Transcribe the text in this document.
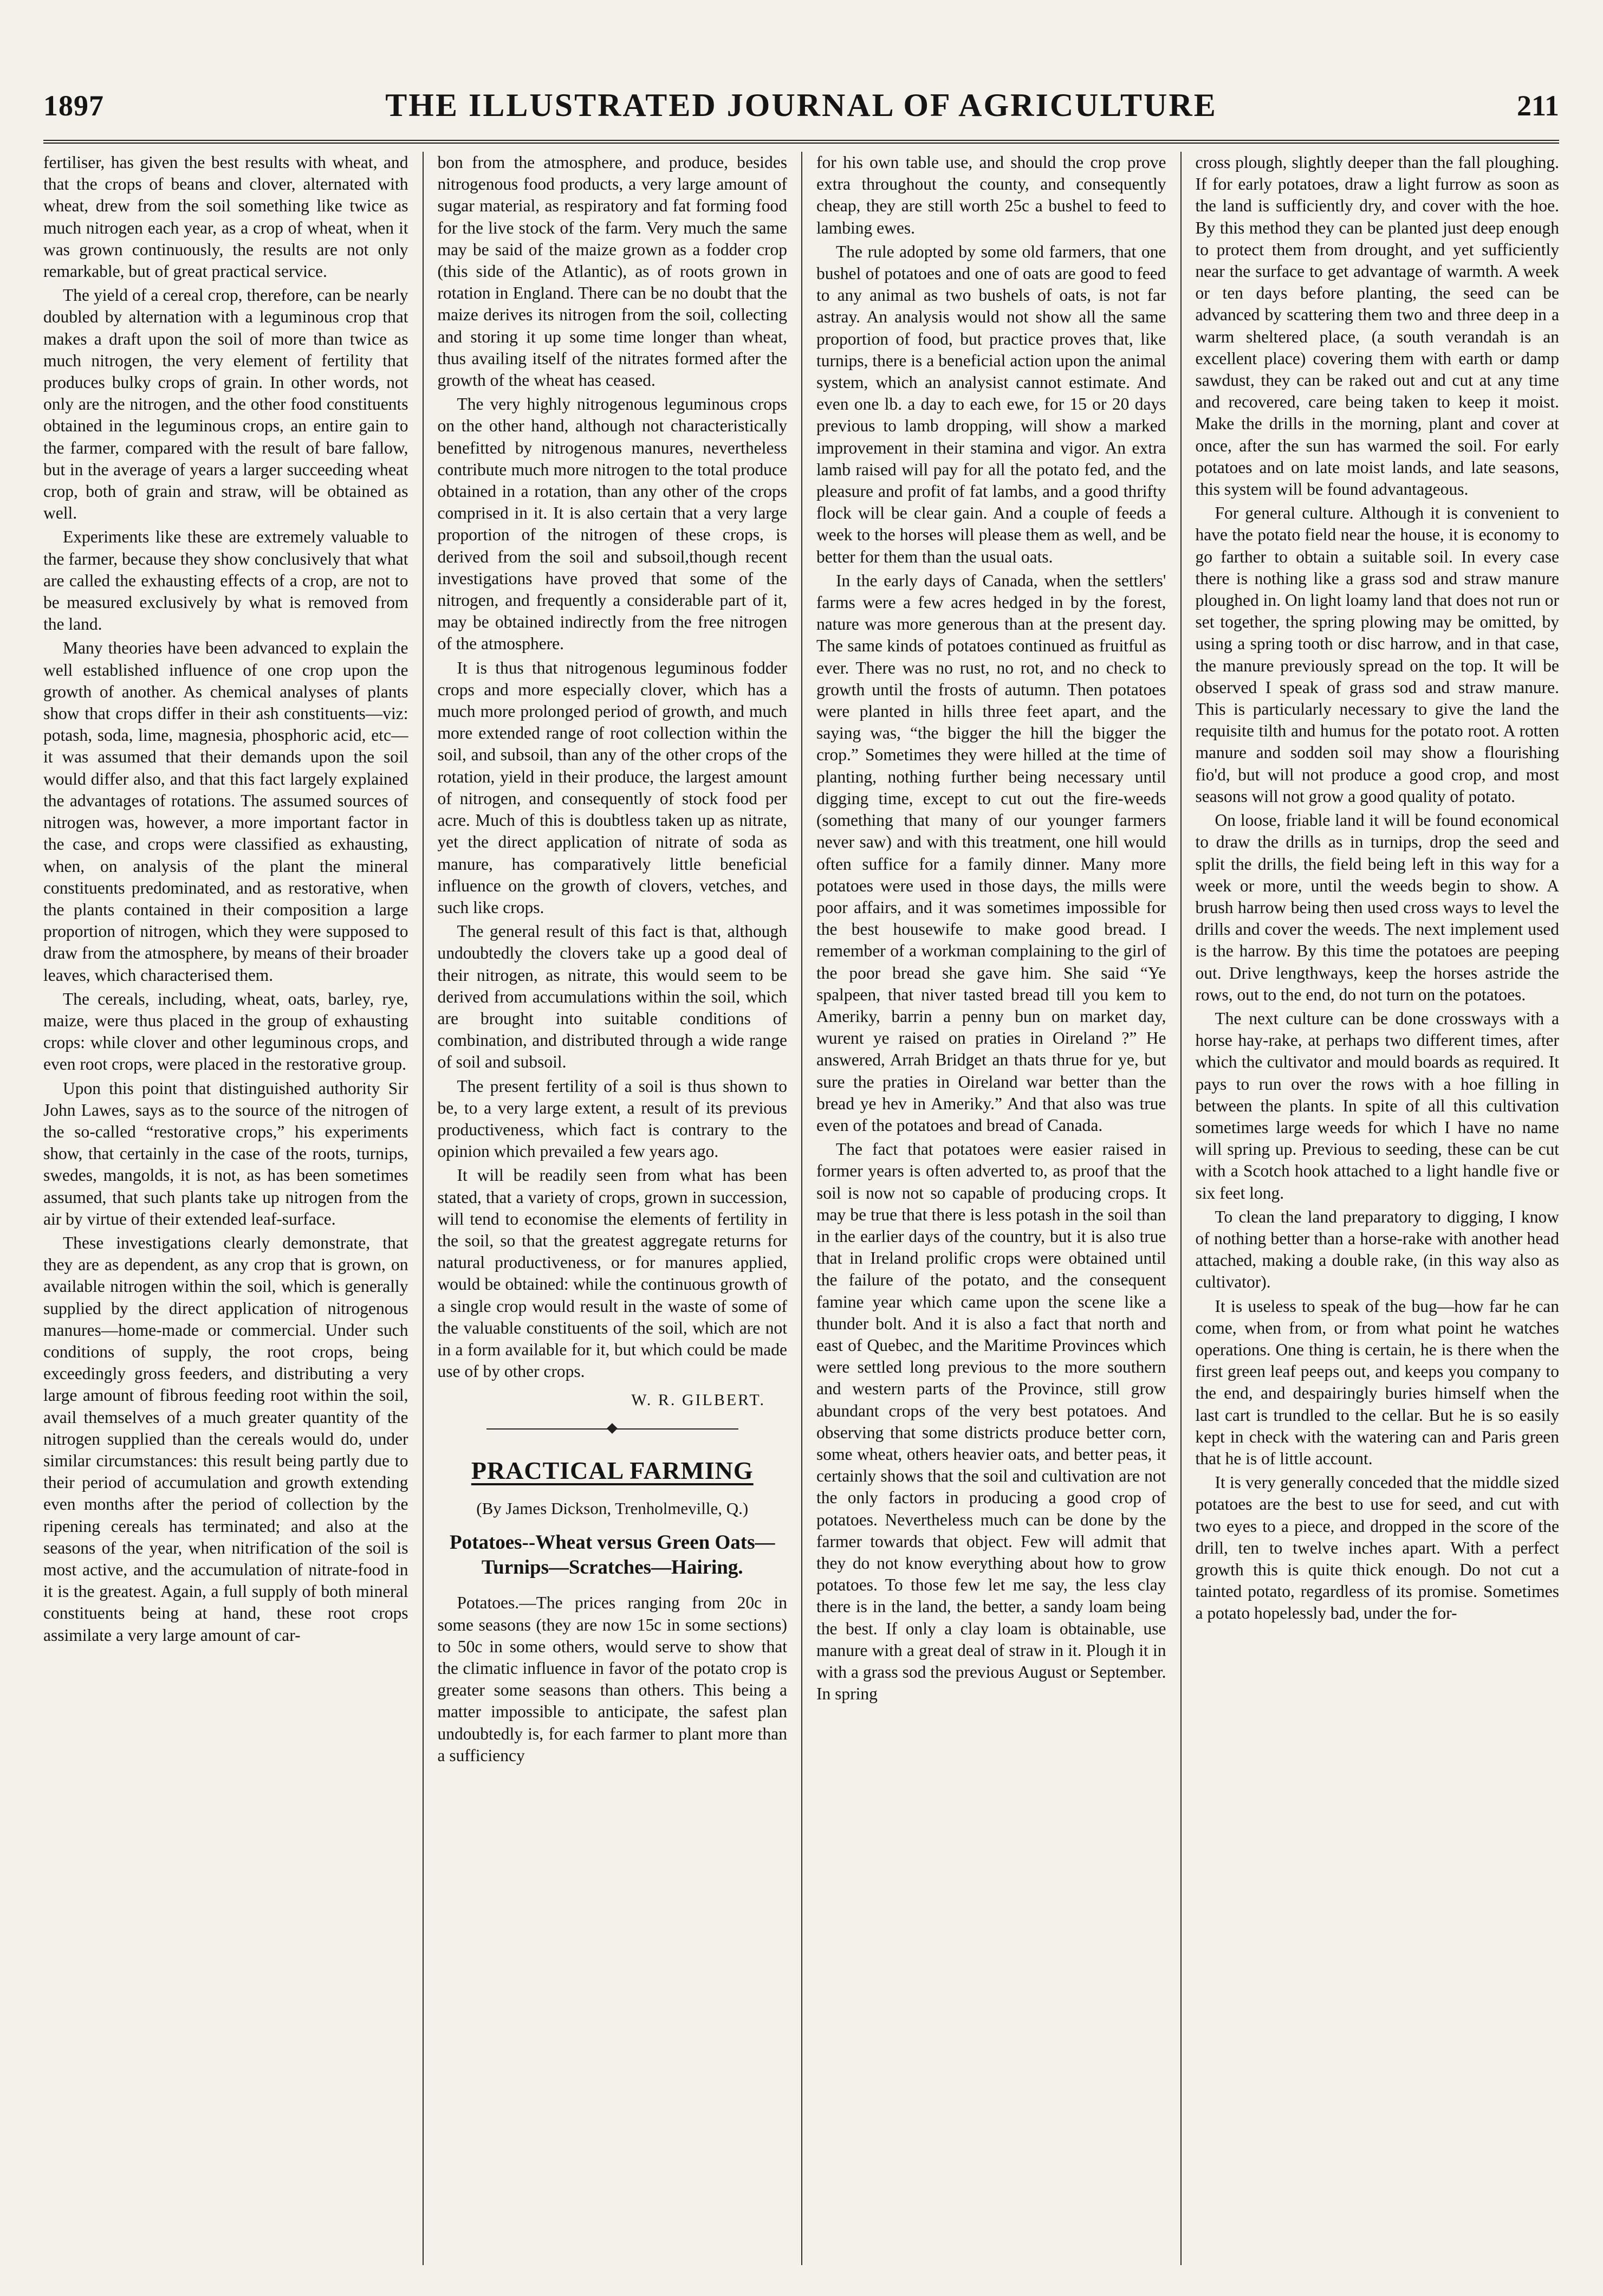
1897	THE ILLUSTRATED JOURNAL OF AGRICULTURE	211

fertiliser, has given the best results with wheat, and that the crops of beans and clover, alternated with wheat, drew from the soil something like twice as much nitrogen each year, as a crop of wheat, when it was grown continuously, the results are not only remarkable, but of great practical service.

The yield of a cereal crop, therefore, can be nearly doubled by alternation with a leguminous crop that makes a draft upon the soil of more than twice as much nitrogen, the very element of fertility that produces bulky crops of grain. In other words, not only are the nitrogen, and the other food constituents obtained in the leguminous crops, an entire gain to the farmer, compared with the result of bare fallow, but in the average of years a larger succeeding wheat crop, both of grain and straw, will be obtained as well.

Experiments like these are extremely valuable to the farmer, because they show conclusively that what are called the exhausting effects of a crop, are not to be measured exclusively by what is removed from the land.

Many theories have been advanced to explain the well established influence of one crop upon the growth of another. As chemical analyses of plants show that crops differ in their ash constituents—viz: potash, soda, lime, magnesia, phosphoric acid, etc—it was assumed that their demands upon the soil would differ also, and that this fact largely explained the advantages of rotations. The assumed sources of nitrogen was, however, a more important factor in the case, and crops were classified as exhausting, when, on analysis of the plant the mineral constituents predominated, and as restorative, when the plants contained in their composition a large proportion of nitrogen, which they were supposed to draw from the atmosphere, by means of their broader leaves, which characterised them.

The cereals, including, wheat, oats, barley, rye, maize, were thus placed in the group of exhausting crops: while clover and other leguminous crops, and even root crops, were placed in the restorative group.

Upon this point that distinguished authority Sir John Lawes, says as to the source of the nitrogen of the so-called “restorative crops,” his experiments show, that certainly in the case of the roots, turnips, swedes, mangolds, it is not, as has been sometimes assumed, that such plants take up nitrogen from the air by virtue of their extended leaf-surface.

These investigations clearly demonstrate, that they are as dependent, as any crop that is grown, on available nitrogen within the soil, which is generally supplied by the direct application of nitrogenous manures—home-made or commercial. Under such conditions of supply, the root crops, being exceedingly gross feeders, and distributing a very large amount of fibrous feeding root within the soil, avail themselves of a much greater quantity of the nitrogen supplied than the cereals would do, under similar circumstances: this result being partly due to their period of accumulation and growth extending even months after the period of collection by the ripening cereals has terminated; and also at the seasons of the year, when nitrification of the soil is most active, and the accumulation of nitrate-food in it is the greatest. Again, a full supply of both mineral constituents being at hand, these root crops assimilate a very large amount of car-

bon from the atmosphere, and produce, besides nitrogenous food products, a very large amount of sugar material, as respiratory and fat forming food for the live stock of the farm. Very much the same may be said of the maize grown as a fodder crop (this side of the Atlantic), as of roots grown in rotation in England. There can be no doubt that the maize derives its nitrogen from the soil, collecting and storing it up some time longer than wheat, thus availing itself of the nitrates formed after the growth of the wheat has ceased.

The very highly nitrogenous leguminous crops on the other hand, although not characteristically benefitted by nitrogenous manures, nevertheless contribute much more nitrogen to the total produce obtained in a rotation, than any other of the crops comprised in it. It is also certain that a very large proportion of the nitrogen of these crops, is derived from the soil and subsoil,though recent investigations have proved that some of the nitrogen, and frequently a considerable part of it, may be obtained indirectly from the free nitrogen of the atmosphere.

It is thus that nitrogenous leguminous fodder crops and more especially clover, which has a much more prolonged period of growth, and much more extended range of root collection within the soil, and subsoil, than any of the other crops of the rotation, yield in their produce, the largest amount of nitrogen, and consequently of stock food per acre. Much of this is doubtless taken up as nitrate, yet the direct application of nitrate of soda as manure, has comparatively little beneficial influence on the growth of clovers, vetches, and such like crops.

The general result of this fact is that, although undoubtedly the clovers take up a good deal of their nitrogen, as nitrate, this would seem to be derived from accumulations within the soil, which are brought into suitable conditions of combination, and distributed through a wide range of soil and subsoil.

The present fertility of a soil is thus shown to be, to a very large extent, a result of its previous productiveness, which fact is contrary to the opinion which prevailed a few years ago.

It will be readily seen from what has been stated, that a variety of crops, grown in succession, will tend to economise the elements of fertility in the soil, so that the greatest aggregate returns for natural productiveness, or for manures applied, would be obtained: while the continuous growth of a single crop would result in the waste of some of the valuable constituents of the soil, which are not in a form available for it, but which could be made use of by other crops.

W. R. GILBERT.
PRACTICAL FARMING
(By James Dickson, Trenholmeville, Q.)
Potatoes--Wheat versus Green Oats—Turnips—Scratches—Hairing.

Potatoes.—The prices ranging from 20c in some seasons (they are now 15c in some sections) to 50c in some others, would serve to show that the climatic influence in favor of the potato crop is greater some seasons than others. This being a matter impossible to anticipate, the safest plan undoubtedly is, for each farmer to plant more than a sufficiency

for his own table use, and should the crop prove extra throughout the county, and consequently cheap, they are still worth 25c a bushel to feed to lambing ewes.

The rule adopted by some old farmers, that one bushel of potatoes and one of oats are good to feed to any animal as two bushels of oats, is not far astray. An analysis would not show all the same proportion of food, but practice proves that, like turnips, there is a beneficial action upon the animal system, which an analysist cannot estimate. And even one lb. a day to each ewe, for 15 or 20 days previous to lamb dropping, will show a marked improvement in their stamina and vigor. An extra lamb raised will pay for all the potato fed, and the pleasure and profit of fat lambs, and a good thrifty flock will be clear gain. And a couple of feeds a week to the horses will please them as well, and be better for them than the usual oats.

In the early days of Canada, when the settlers' farms were a few acres hedged in by the forest, nature was more generous than at the present day. The same kinds of potatoes continued as fruitful as ever. There was no rust, no rot, and no check to growth until the frosts of autumn. Then potatoes were planted in hills three feet apart, and the saying was, “the bigger the hill the bigger the crop.” Sometimes they were hilled at the time of planting, nothing further being necessary until digging time, except to cut out the fire-weeds (something that many of our younger farmers never saw) and with this treatment, one hill would often suffice for a family dinner. Many more potatoes were used in those days, the mills were poor affairs, and it was sometimes impossible for the best housewife to make good bread. I remember of a workman complaining to the girl of the poor bread she gave him. She said “Ye spalpeen, that niver tasted bread till you kem to Ameriky, barrin a penny bun on market day, wurent ye raised on praties in Oireland ?” He answered, Arrah Bridget an thats thrue for ye, but sure the praties in Oireland war better than the bread ye hev in Ameriky.” And that also was true even of the potatoes and bread of Canada.

The fact that potatoes were easier raised in former years is often adverted to, as proof that the soil is now not so capable of producing crops. It may be true that there is less potash in the soil than in the earlier days of the country, but it is also true that in Ireland prolific crops were obtained until the failure of the potato, and the consequent famine year which came upon the scene like a thunder bolt. And it is also a fact that north and east of Quebec, and the Maritime Provinces which were settled long previous to the more southern and western parts of the Province, still grow abundant crops of the very best potatoes. And observing that some districts produce better corn, some wheat, others heavier oats, and better peas, it certainly shows that the soil and cultivation are not the only factors in producing a good crop of potatoes. Nevertheless much can be done by the farmer towards that object. Few will admit that they do not know everything about how to grow potatoes. To those few let me say, the less clay there is in the land, the better, a sandy loam being the best. If only a clay loam is obtainable, use manure with a great deal of straw in it. Plough it in with a grass sod the previous August or September. In spring

cross plough, slightly deeper than the fall ploughing. If for early potatoes, draw a light furrow as soon as the land is sufficiently dry, and cover with the hoe. By this method they can be planted just deep enough to protect them from drought, and yet sufficiently near the surface to get advantage of warmth. A week or ten days before planting, the seed can be advanced by scattering them two and three deep in a warm sheltered place, (a south verandah is an excellent place) covering them with earth or damp sawdust, they can be raked out and cut at any time and recovered, care being taken to keep it moist. Make the drills in the morning, plant and cover at once, after the sun has warmed the soil. For early potatoes and on late moist lands, and late seasons, this system will be found advantageous.

For general culture. Although it is convenient to have the potato field near the house, it is economy to go farther to obtain a suitable soil. In every case there is nothing like a grass sod and straw manure ploughed in. On light loamy land that does not run or set together, the spring plowing may be omitted, by using a spring tooth or disc harrow, and in that case, the manure previously spread on the top. It will be observed I speak of grass sod and straw manure. This is particularly necessary to give the land the requisite tilth and humus for the potato root. A rotten manure and sodden soil may show a flourishing fio'd, but will not produce a good crop, and most seasons will not grow a good quality of potato.

On loose, friable land it will be found economical to draw the drills as in turnips, drop the seed and split the drills, the field being left in this way for a week or more, until the weeds begin to show. A brush harrow being then used cross ways to level the drills and cover the weeds. The next implement used is the harrow. By this time the potatoes are peeping out. Drive lengthways, keep the horses astride the rows, out to the end, do not turn on the potatoes.

The next culture can be done crossways with a horse hay-rake, at perhaps two different times, after which the cultivator and mould boards as required. It pays to run over the rows with a hoe filling in between the plants. In spite of all this cultivation sometimes large weeds for which I have no name will spring up. Previous to seeding, these can be cut with a Scotch hook attached to a light handle five or six feet long.

To clean the land preparatory to digging, I know of nothing better than a horse-rake with another head attached, making a double rake, (in this way also as cultivator).

It is useless to speak of the bug—how far he can come, when from, or from what point he watches operations. One thing is certain, he is there when the first green leaf peeps out, and keeps you company to the end, and despairingly buries himself when the last cart is trundled to the cellar. But he is so easily kept in check with the watering can and Paris green that he is of little account.

It is very generally conceded that the middle sized potatoes are the best to use for seed, and cut with two eyes to a piece, and dropped in the score of the drill, ten to twelve inches apart. With a perfect growth this is quite thick enough. Do not cut a tainted potato, regardless of its promise. Sometimes a potato hopelessly bad, under the for-
